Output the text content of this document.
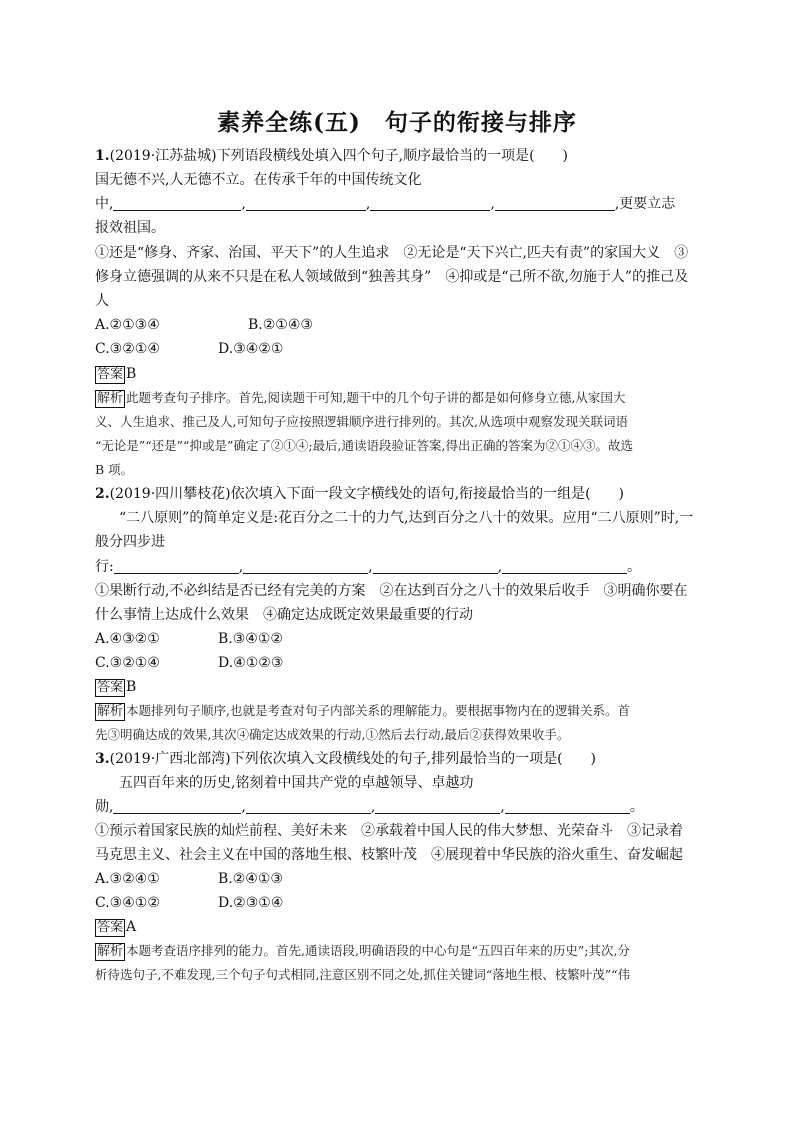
素养全练(五)　句子的衔接与排序
1.(2019·江苏盐城)下列语段横线处填入四个句子,顺序最恰当的一项是(　　)
国无德不兴,人无德不立。在传承千年的中国传统文化
中,	,	,	,	,更要立志
报效祖国。
①还是“修身、齐家、治国、平天下”的人生追求　②无论是“天下兴亡,匹夫有责”的家国大义　③
修身立德强调的从来不只是在私人领域做到“独善其身”　④抑或是“己所不欲,勿施于人”的推己及
人
A.②①③④	B.②①④③
C.③②①④	D.③④②①
答案 B
解析 此题考查句子排序。首先,阅读题干可知,题干中的几个句子讲的都是如何修身立德,从家国大
义、人生追求、推己及人,可知句子应按照逻辑顺序进行排列的。其次,从选项中观察发现关联词语
“无论是”“还是”“抑或是”确定了②①④;最后,通读语段验证答案,得出正确的答案为②①④③。故选
B 项。
2.(2019·四川攀枝花)依次填入下面一段文字横线处的语句,衔接最恰当的一组是(　　)
“二八原则”的简单定义是:花百分之二十的力气,达到百分之八十的效果。应用“二八原则”时,一
般分四步进
行:	,	,	,	。
①果断行动,不必纠结是否已经有完美的方案　②在达到百分之八十的效果后收手　③明确你要在
什么事情上达成什么效果　④确定达成既定效果最重要的行动
A.④③②①	B.③④①②
C.③②①④	D.④①②③
答案 B
解析 本题排列句子顺序,也就是考查对句子内部关系的理解能力。要根据事物内在的逻辑关系。首
先③明确达成的效果,其次④确定达成效果的行动,①然后去行动,最后②获得效果收手。
3.(2019·广西北部湾)下列依次填入文段横线处的句子,排列最恰当的一项是(　　)
五四百年来的历史,铭刻着中国共产党的卓越领导、卓越功
勋,	,	,	,	。
①预示着国家民族的灿烂前程、美好未来　②承载着中国人民的伟大梦想、光荣奋斗　③记录着
马克思主义、社会主义在中国的落地生根、枝繁叶茂　④展现着中华民族的浴火重生、奋发崛起
A.③②④①	B.②④①③
C.③④①②	D.②③①④
答案 A
解析 本题考查语序排列的能力。首先,通读语段,明确语段的中心句是“五四百年来的历史”;其次,分
析待选句子,不难发现,三个句子句式相同,注意区别不同之处,抓住关键词“落地生根、枝繁叶茂”“伟
